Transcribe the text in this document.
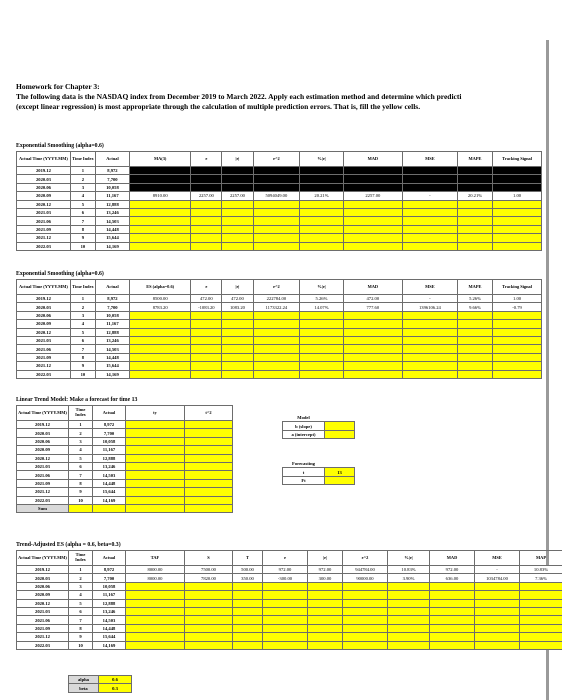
Homework for Chapter 3:
The following data is the NASDAQ index from December 2019 to March 2022. Apply each estimation method and determine which predicti
(except linear regression) is most appropriate through the calculation of multiple prediction errors. That is, fill the yellow cells.
Exponential Smoothing (alpha=0.6)
Actual Time (YYYY.MM)	Time Index	Actual	MA(3)	e	|e|	e^2	%|e|	MAD	MSE	MAPE	Tracking Signal
2019.12	1	8,972									
2020.03	2	7,700									
2020.06	3	10,058									
2020.09	4	11,167	8910.00	2257.00	2257.00	5094049.00	20.21%	2257.00	-	20.21%	1.00
2020.12	5	12,888									
2021.03	6	13,246									
2021.06	7	14,503									
2021.09	8	14,448									
2021.12	9	15,644									
2022.03	10	14,169									
Exponential Smoothing (alpha=0.6)
Actual Time (YYYY.MM)	Time Index	Actual	ES (alpha=0.6)	e	|e|	e^2	%|e|	MAD	MSE	MAPE	Tracking Signal
2019.12	1	8,972	8500.00	472.00	472.00	222784.00	5.26%	472.00	-	5.26%	1.00
2020.03	2	7,700	8783.20	-1083.20	1083.20	1173322.24	14.07%	777.60	1396106.24	9.66%	-0.79
2020.06	3	10,058									
2020.09	4	11,167									
2020.12	5	12,888									
2021.03	6	13,246									
2021.06	7	14,503									
2021.09	8	14,448									
2021.12	9	15,644									
2022.03	10	14,169									
Linear Trend Model: Make a forecast for time 13
Actual Time (YYYY.MM)	Time Index	Actual	ty	t^2
2019.12	1	8,972		
2020.03	2	7,700		
2020.06	3	10,058		
2020.09	4	11,167		
2020.12	5	12,888		
2021.03	6	13,246		
2021.06	7	14,503		
2021.09	8	14,448		
2021.12	9	15,644		
2022.03	10	14,169		
Sum				
Model	
b (slope)	
a (intercept)	
Forecasting	
t	13
Ft	
Trend-Adjusted ES (alpha = 0.6, beta=0.3)
Actual Time (YYYY.MM)	Time Index	Actual	TAF	S	T	e	|e|	e^2	%|e|	MAD	MSE	MAP
2019.12	1	8,972	8000.00	7500.00	500.00	972.00	972.00	944784.00	10.83%	972.00	-	10.83%
2020.03	2	7,700	8000.00	7820.00	350.00	-300.00	300.00	90000.00	3.90%	636.00	1034784.00	7.36%
2020.06	3	10,058										
2020.09	4	11,167										
2020.12	5	12,888										
2021.03	6	13,246										
2021.06	7	14,503										
2021.09	8	14,448										
2021.12	9	15,644										
2022.03	10	14,169										
alpha	0.6
beta	0.3
